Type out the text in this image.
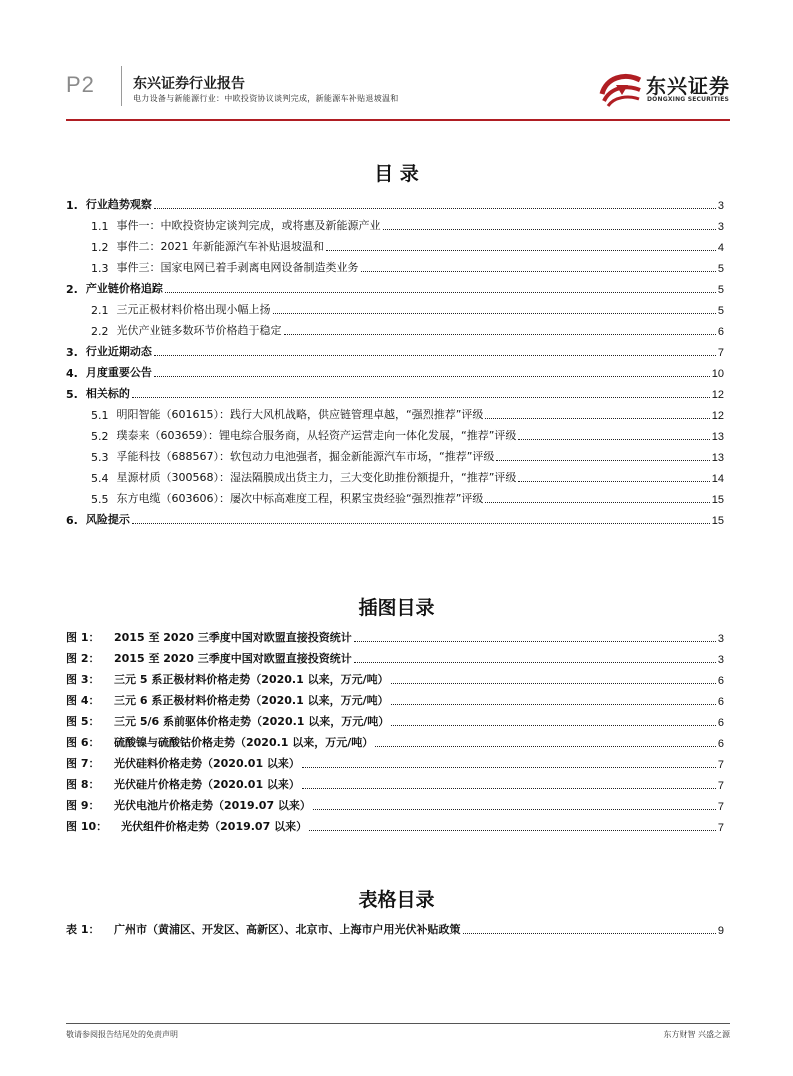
P2	东兴证券行业报告
电力设备与新能源行业：中欧投资协议谈判完成，新能源车补贴退坡温和
东兴证券
DONGXING SECURITIES
目 录
1. 行业趋势观察	3
1.1 事件一：中欧投资协定谈判完成，或将惠及新能源产业	3
1.2 事件二：2021 年新能源汽车补贴退坡温和	4
1.3 事件三：国家电网已着手剥离电网设备制造类业务	5
2. 产业链价格追踪	5
2.1 三元正极材料价格出现小幅上扬	5
2.2 光伏产业链多数环节价格趋于稳定	6
3. 行业近期动态	7
4. 月度重要公告	10
5. 相关标的	12
5.1 明阳智能（601615）：践行大风机战略，供应链管理卓越，“强烈推荐”评级	12
5.2 璞泰来（603659）：锂电综合服务商，从轻资产运营走向一体化发展，“推荐”评级	13
5.3 孚能科技（688567）：软包动力电池强者，掘金新能源汽车市场，“推荐”评级	13
5.4 星源材质（300568）：湿法隔膜成出货主力，三大变化助推份额提升，“推荐”评级	14
5.5 东方电缆（603606）：屡次中标高难度工程，积累宝贵经验“强烈推荐”评级	15
6. 风险提示	15
插图目录
图 1： 2015 至 2020 三季度中国对欧盟直接投资统计	3
图 2： 2015 至 2020 三季度中国对欧盟直接投资统计	3
图 3： 三元 5 系正极材料价格走势（2020.1 以来，万元/吨）	6
图 4： 三元 6 系正极材料价格走势（2020.1 以来，万元/吨）	6
图 5： 三元 5/6 系前驱体价格走势（2020.1 以来，万元/吨）	6
图 6： 硫酸镍与硫酸钴价格走势（2020.1 以来，万元/吨）	6
图 7： 光伏硅料价格走势（2020.01 以来）	7
图 8： 光伏硅片价格走势（2020.01 以来）	7
图 9： 光伏电池片价格走势（2019.07 以来）	7
图 10： 光伏组件价格走势（2019.07 以来）	7
表格目录
表 1： 广州市（黄浦区、开发区、高新区）、北京市、上海市户用光伏补贴政策	9
敬请参阅报告结尾处的免责声明	东方财智 兴盛之源
